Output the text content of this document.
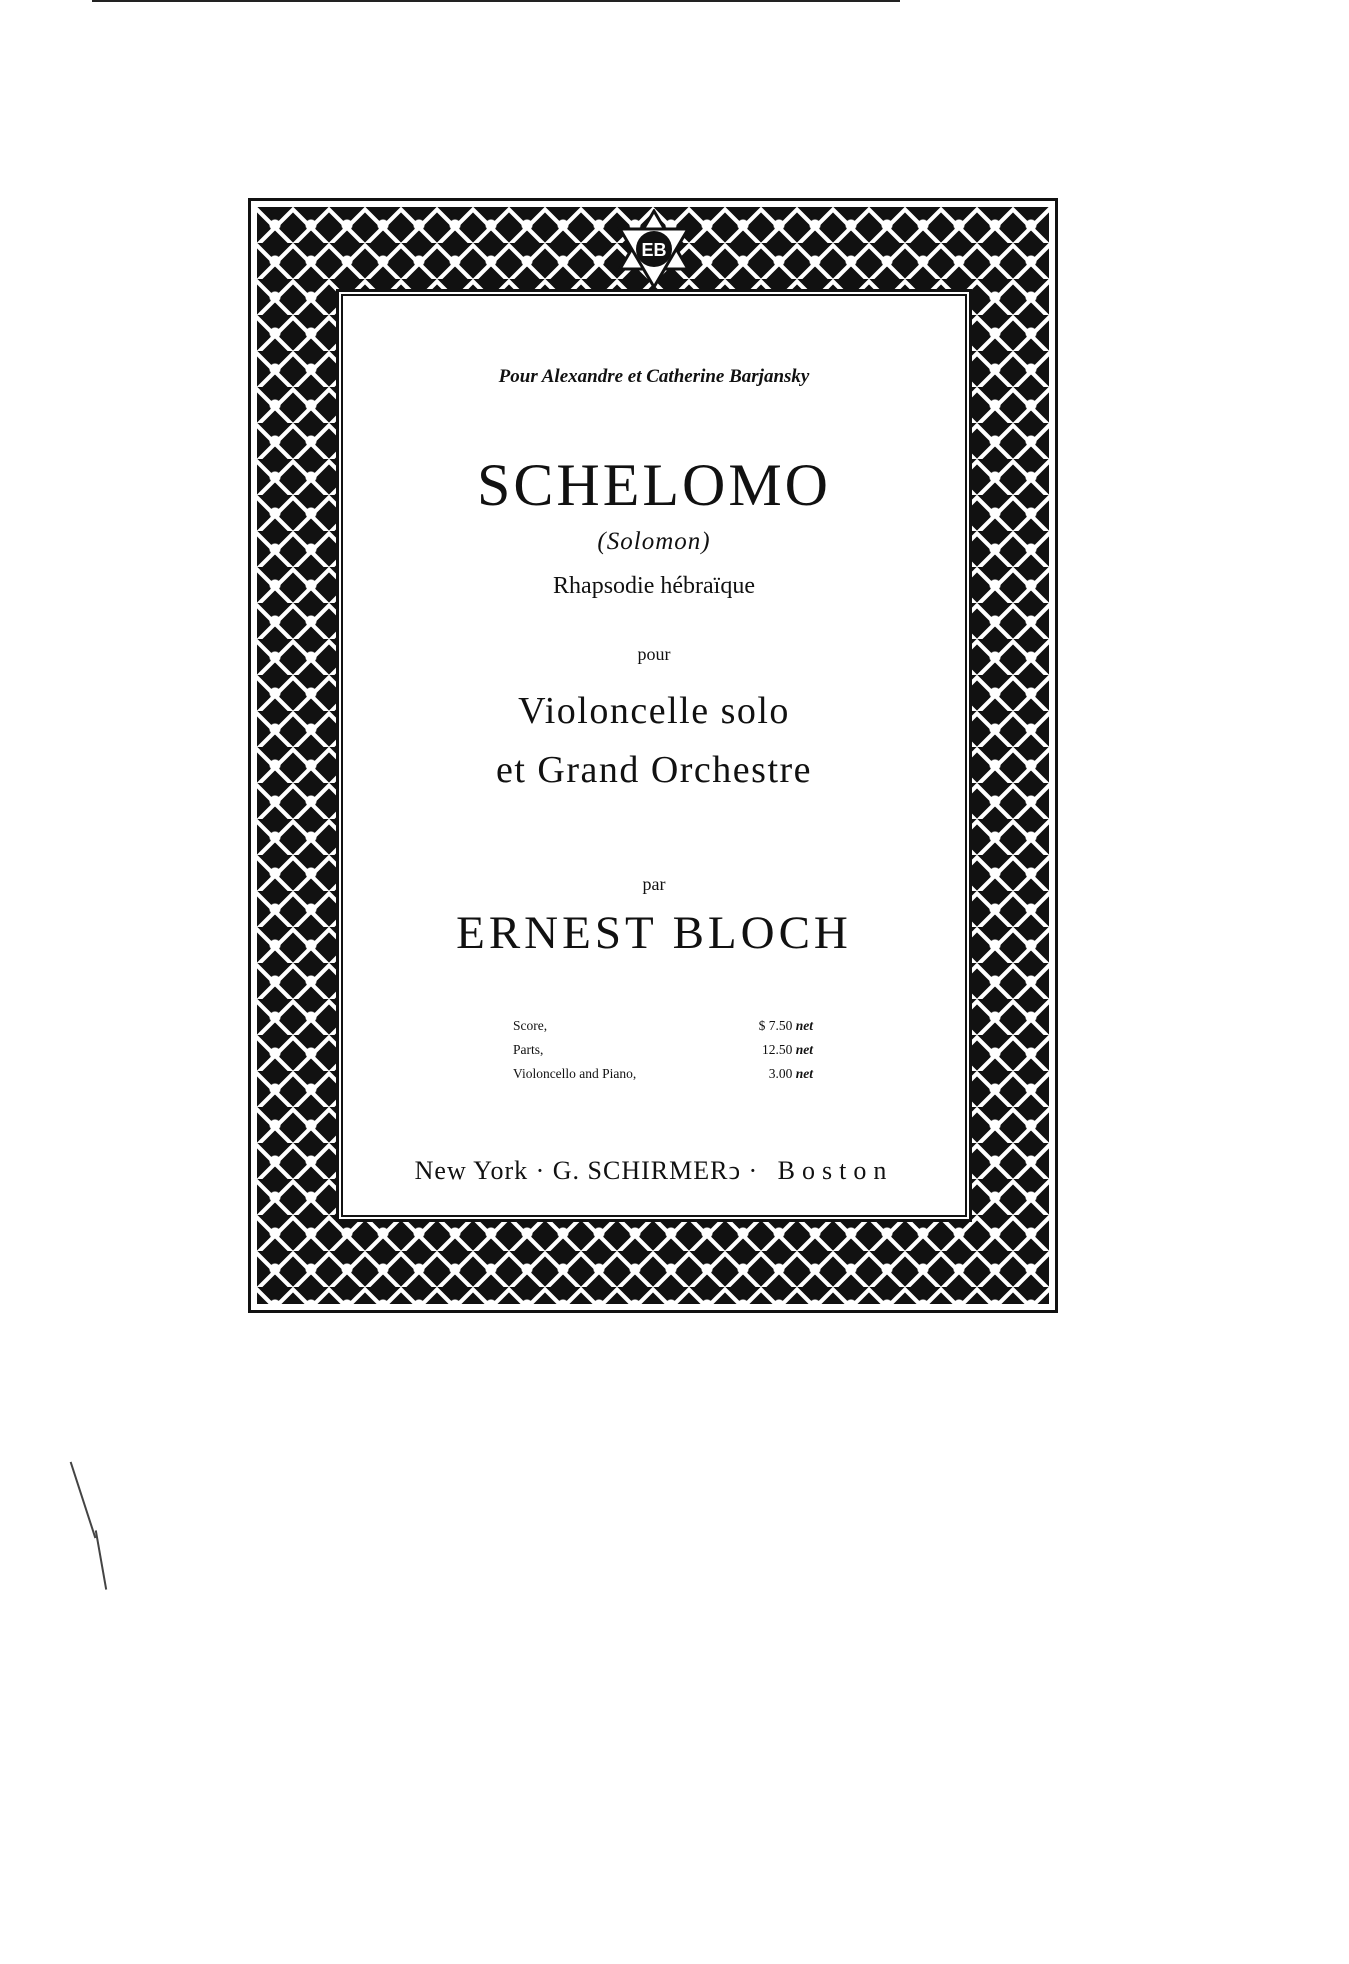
EB

Pour Alexandre et Catherine Barjansky

SCHELOMO

(Solomon)

Rhapsodie hébraïque

pour

Violoncelle solo

et Grand Orchestre

par

ERNEST BLOCH

Score,	$ 7.50 net
Parts,	12.50 net
Violoncello and Piano,	3.00 net

New York · G. SCHIRMERↄ · Boston
